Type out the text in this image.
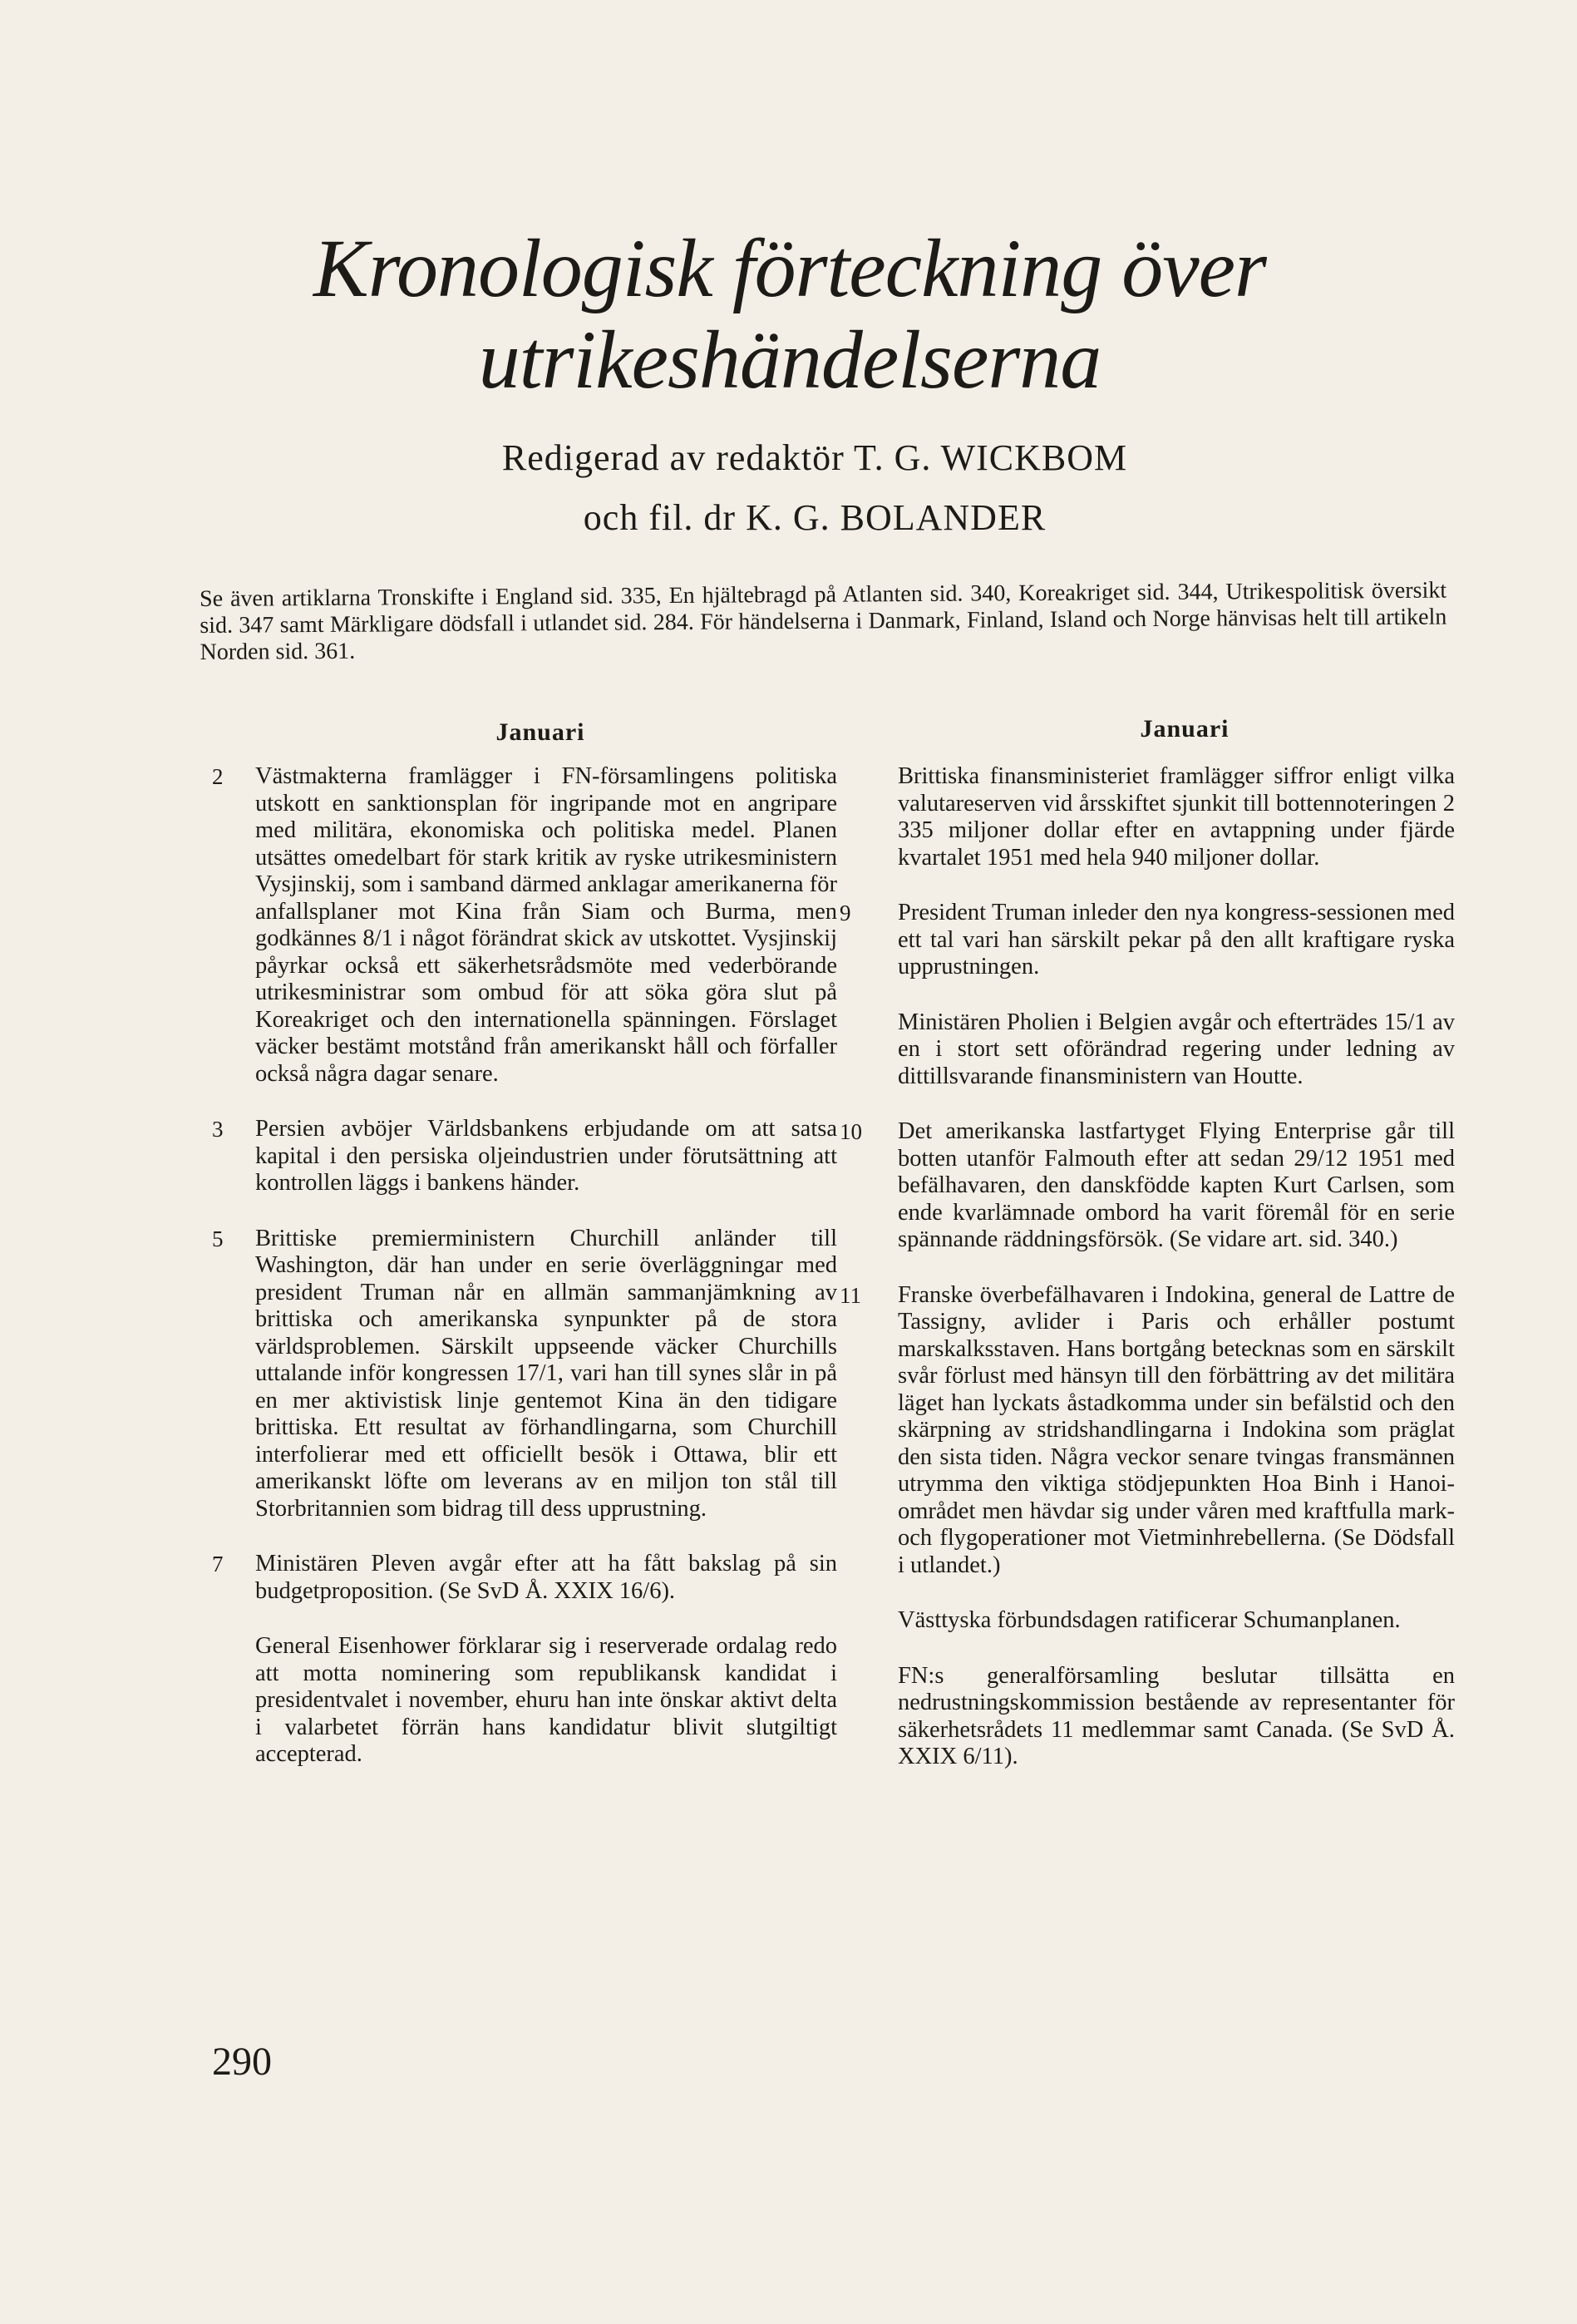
Kronologisk förteckning över
utrikeshändelserna
Redigerad av redaktör T. G. WICKBOM
och fil. dr K. G. BOLANDER
Se även artiklarna Tronskifte i England sid. 335, En hjältebragd på Atlanten sid. 340, Koreakriget sid. 344, Utrikespolitisk översikt sid. 347 samt Märkligare dödsfall i utlandet sid. 284. För händelserna i Danmark, Finland, Island och Norge hänvisas helt till artikeln Norden sid. 361.
Januari	Januari
2	Västmakterna framlägger i FN-församlingens politiska utskott en sanktionsplan för ingripande mot en angripare med militära, ekonomiska och politiska medel. Planen utsättes omedelbart för stark kritik av ryske utrikesministern Vysjinskij, som i samband därmed anklagar amerikanerna för anfallsplaner mot Kina från Siam och Burma, men godkännes 8/1 i något förändrat skick av utskottet. Vysjinskij påyrkar också ett säkerhetsrådsmöte med vederbörande utrikesministrar som ombud för att söka göra slut på Koreakriget och den internationella spänningen. Förslaget väcker bestämt motstånd från amerikanskt håll och förfaller också några dagar senare.
3	Persien avböjer Världsbankens erbjudande om att satsa kapital i den persiska oljeindustrien under förutsättning att kontrollen läggs i bankens händer.
5	Brittiske premierministern Churchill anländer till Washington, där han under en serie överläggningar med president Truman når en allmän sammanjämkning av brittiska och amerikanska synpunkter på de stora världsproblemen. Särskilt uppseende väcker Churchills uttalande inför kongressen 17/1, vari han till synes slår in på en mer aktivistisk linje gentemot Kina än den tidigare brittiska. Ett resultat av förhandlingarna, som Churchill interfolierar med ett officiellt besök i Ottawa, blir ett amerikanskt löfte om leverans av en miljon ton stål till Storbritannien som bidrag till dess upprustning.
7	Ministären Pleven avgår efter att ha fått bakslag på sin budgetproposition. (Se SvD Å. XXIX 16/6).
General Eisenhower förklarar sig i reserverade ordalag redo att motta nominering som republikansk kandidat i presidentvalet i november, ehuru han inte önskar aktivt delta i valarbetet förrän hans kandidatur blivit slutgiltigt accepterad.
Brittiska finansministeriet framlägger siffror enligt vilka valutareserven vid årsskiftet sjunkit till bottennoteringen 2 335 miljoner dollar efter en avtappning under fjärde kvartalet 1951 med hela 940 miljoner dollar.
9	President Truman inleder den nya kongress-sessionen med ett tal vari han särskilt pekar på den allt kraftigare ryska upprustningen.
Ministären Pholien i Belgien avgår och efterträdes 15/1 av en i stort sett oförändrad regering under ledning av dittillsvarande finansministern van Houtte.
10	Det amerikanska lastfartyget Flying Enterprise går till botten utanför Falmouth efter att sedan 29/12 1951 med befälhavaren, den danskfödde kapten Kurt Carlsen, som ende kvarlämnade ombord ha varit föremål för en serie spännande räddningsförsök. (Se vidare art. sid. 340.)
11	Franske överbefälhavaren i Indokina, general de Lattre de Tassigny, avlider i Paris och erhåller postumt marskalksstaven. Hans bortgång betecknas som en särskilt svår förlust med hänsyn till den förbättring av det militära läget han lyckats åstadkomma under sin befälstid och den skärpning av stridshandlingarna i Indokina som präglat den sista tiden. Några veckor senare tvingas fransmännen utrymma den viktiga stödjepunkten Hoa Binh i Hanoi-området men hävdar sig under våren med kraftfulla mark- och flygoperationer mot Vietminhrebellerna. (Se Dödsfall i utlandet.)
Västtyska förbundsdagen ratificerar Schumanplanen.
FN:s generalförsamling beslutar tillsätta en nedrustningskommission bestående av representanter för säkerhetsrådets 11 medlemmar samt Canada. (Se SvD Å. XXIX 6/11).
290
